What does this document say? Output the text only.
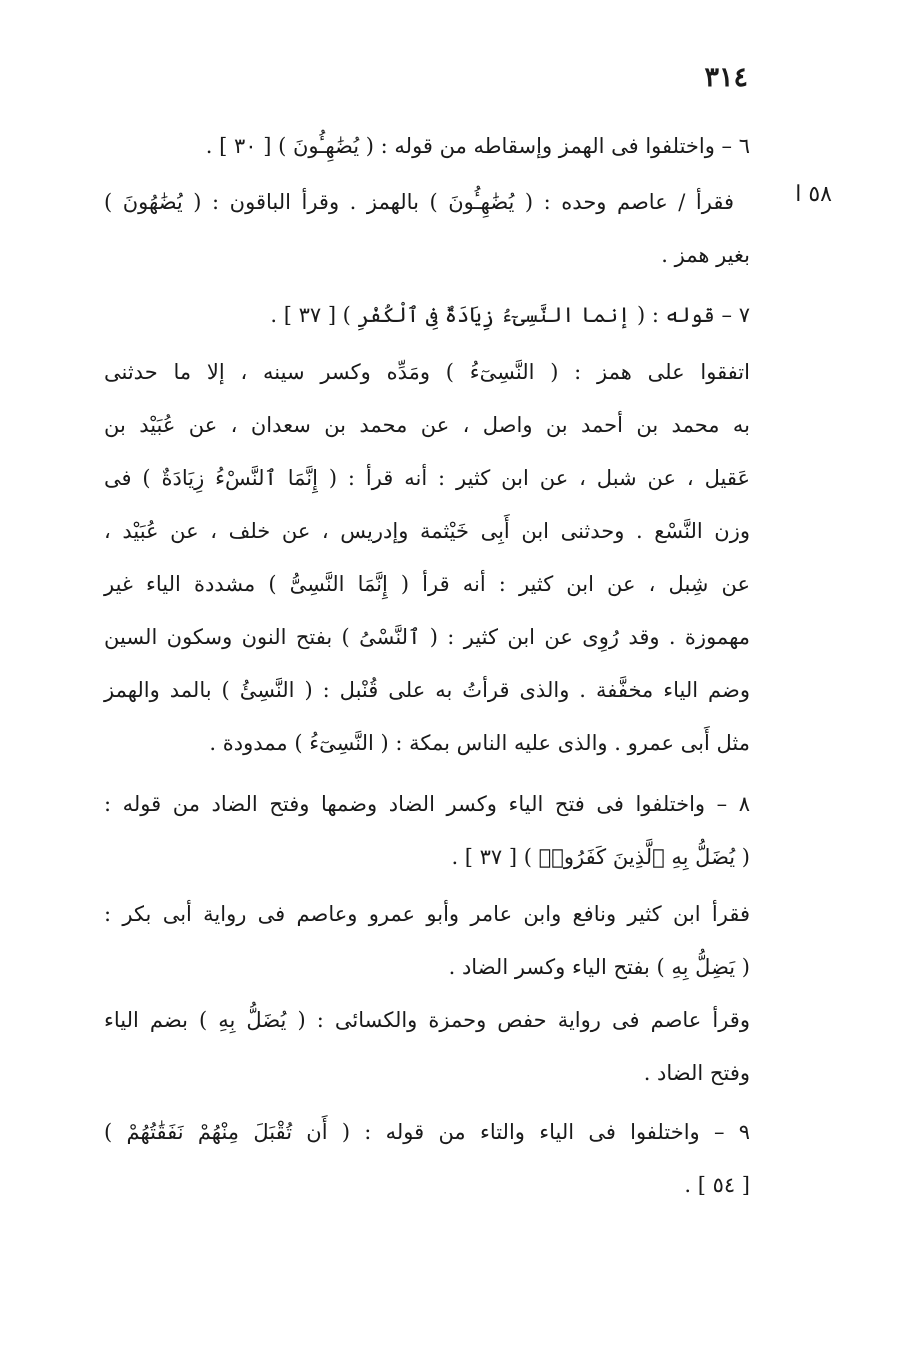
٣١٤
٥٨ ا
٦ – واختلفوا فى الهمز وإسقاطه من قوله : ( يُضَٰهِـُٔونَ ) [ ٣٠ ] .
فقرأ / عاصم وحده : ( يُضَٰهِـُٔونَ ) بالهمز . وقرأ الباقون : ( يُضَٰهُونَ )
بغير همز .
٧ – قوله : ( إنما النَّسِىٓءُ زِيَادَةٌ فِى ٱلْكُفْرِ ) [ ٣٧ ] .
اتفقوا على همز : ( النَّسِىٓءُ ) ومَدِّه وكسر سينه ، إلا ما حدثنى
به محمد بن أحمد بن واصل ، عن محمد بن سعدان ، عن عُبَيْد بن
عَقيل ، عن شبل ، عن ابن كثير : أنه قرأ : ( إِنَّمَا ٱلنَّسْءُ زِيَادَةٌ ) فى
وزن النَّسْع . وحدثنى ابن أَبِى خَيْثمة وإدريس ، عن خلف ، عن عُبَيْد ،
عن شِبل ، عن ابن كثير : أنه قرأ ( إِنَّمَا النَّسِىُّ ) مشددة الياء غير
مهموزة . وقد رُوِى عن ابن كثير : ( ٱلنَّسْىُ ) بفتح النون وسكون السين
وضم الياء مخفَّفة . والذى قرأتُ به على قُنْبل : ( النَّسِىُٔ ) بالمد والهمز
مثل أَبى عمرو . والذى عليه الناس بمكة : ( النَّسِىٓءُ ) ممدودة .
٨ – واختلفوا فى فتح الياء وكسر الضاد وضمها وفتح الضاد من قوله :
( يُضَلُّ بِهِ ٱلَّذِينَ كَفَرُوا۟ ) [ ٣٧ ] .
فقرأ ابن كثير ونافع وابن عامر وأبو عمرو وعاصم فى رواية أبى بكر :
( يَضِلُّ بِهِ ) بفتح الياء وكسر الضاد .
وقرأ عاصم فى رواية حفص وحمزة والكسائى : ( يُضَلُّ بِهِ ) بضم الياء
وفتح الضاد .
٩ – واختلفوا فى الياء والتاء من قوله : ( أَن تُقْبَلَ مِنْهُمْ نَفَقَٰتُهُمْ )
[ ٥٤ ] .
